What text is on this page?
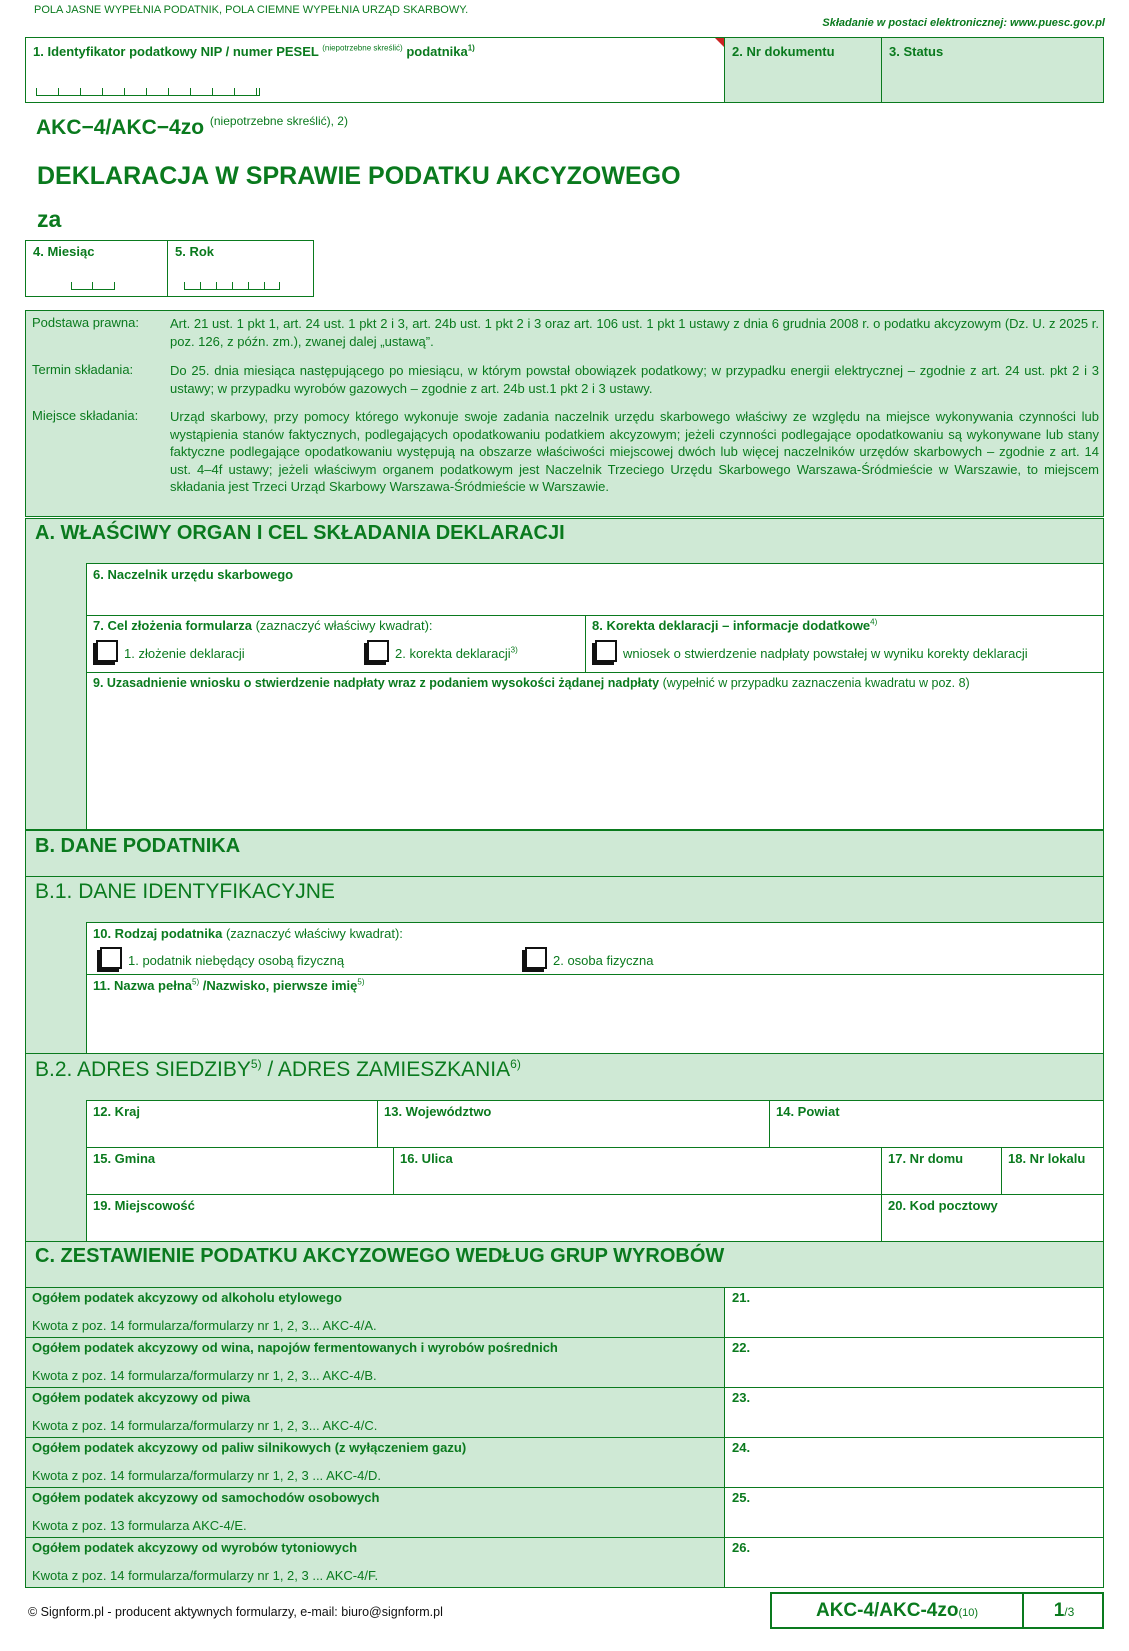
POLA JASNE WYPEŁNIA PODATNIK, POLA CIEMNE WYPEŁNIA URZĄD SKARBOWY.
Składanie w postaci elektronicznej: www.puesc.gov.pl
1. Identyfikator podatkowy NIP / numer PESEL $^{(niepotrzebne skreślić)}$ podatnika$^{1)}$	2. Nr dokumentu	3. Status
AKC−4/AKC−4zo $^{(niepotrzebne skreślić), 2)}$
DEKLARACJA W SPRAWIE PODATKU AKCYZOWEGO
za
4. Miesiąc	5. Rok
Podstawa prawna: Art. 21 ust. 1 pkt 1, art. 24 ust. 1 pkt 2 i 3, art. 24b ust. 1 pkt 2 i 3 oraz art. 106 ust. 1 pkt 1 ustawy z dnia 6 grudnia 2008 r. o podatku akcyzowym (Dz. U. z 2025 r. poz. 126, z późn. zm.), zwanej dalej „ustawą”.
Termin składania:	Do 25. dnia miesiąca następującego po miesiącu, w którym powstał obowiązek podatkowy; w przypadku energii elektrycznej – zgodnie z art. 24 ust. pkt 2 i 3 ustawy; w przypadku wyrobów gazowych – zgodnie z art. 24b ust.1 pkt 2 i 3 ustawy.
Miejsce składania: Urząd skarbowy, przy pomocy którego wykonuje swoje zadania naczelnik urzędu skarbowego właściwy ze względu na miejsce wykonywania czynności lub wystąpienia stanów faktycznych, podlegających opodatkowaniu podatkiem akcyzowym; jeżeli czynności podlegające opodatkowaniu są wykonywane lub stany faktyczne podlegające opodatkowaniu występują na obszarze właściwości miejscowej dwóch lub więcej naczelników urzędów skarbowych – zgodnie z art. 14 ust. 4–4f ustawy; jeżeli właściwym organem podatkowym jest Naczelnik Trzeciego Urzędu Skarbowego Warszawa-Śródmieście w Warszawie, to miejscem składania jest Trzeci Urząd Skarbowy Warszawa-Śródmieście w Warszawie.
A. WŁAŚCIWY ORGAN I CEL SKŁADANIA DEKLARACJI
6. Naczelnik urzędu skarbowego
7. Cel złożenia formularza (zaznaczyć właściwy kwadrat):
1. złożenie deklaracji	2. korekta deklaracji$^{3)}$
8. Korekta deklaracji – informacje dodatkowe$^{4)}$
wniosek o stwierdzenie nadpłaty powstałej w wyniku korekty deklaracji
9. Uzasadnienie wniosku o stwierdzenie nadpłaty wraz z podaniem wysokości żądanej nadpłaty (wypełnić w przypadku zaznaczenia kwadratu w poz. 8)
B. DANE PODATNIKA
B.1. DANE IDENTYFIKACYJNE
10. Rodzaj podatnika (zaznaczyć właściwy kwadrat):
1. podatnik niebędący osobą fizyczną	2. osoba fizyczna
11. Nazwa pełna$^{5)}$ /Nazwisko, pierwsze imię$^{5)}$
B.2. ADRES SIEDZIBY$^{5)}$ / ADRES ZAMIESZKANIA$^{6)}$
12. Kraj	13. Województwo	14. Powiat
15. Gmina	16. Ulica	17. Nr domu	18. Nr lokalu
19. Miejscowość	20. Kod pocztowy
C. ZESTAWIENIE PODATKU AKCYZOWEGO WEDŁUG GRUP WYROBÓW
Ogółem podatek akcyzowy od alkoholu etylowego
Kwota z poz. 14 formularza/formularzy nr 1, 2, 3... AKC-4/A.
21.
Ogółem podatek akcyzowy od wina, napojów fermentowanych i wyrobów pośrednich
Kwota z poz. 14 formularza/formularzy nr 1, 2, 3... AKC-4/B.
22.
Ogółem podatek akcyzowy od piwa
Kwota z poz. 14 formularza/formularzy nr 1, 2, 3... AKC-4/C.
23.
Ogółem podatek akcyzowy od paliw silnikowych (z wyłączeniem gazu)
Kwota z poz. 14 formularza/formularzy nr 1, 2, 3 ... AKC-4/D.
24.
Ogółem podatek akcyzowy od samochodów osobowych
Kwota z poz. 13 formularza AKC-4/E.
25.
Ogółem podatek akcyzowy od wyrobów tytoniowych
Kwota z poz. 14 formularza/formularzy nr 1, 2, 3 ... AKC-4/F.
26.
© Signform.pl - producent aktywnych formularzy, e-mail: biuro@signform.pl	AKC-4/AKC-4zo(10)	1/3
